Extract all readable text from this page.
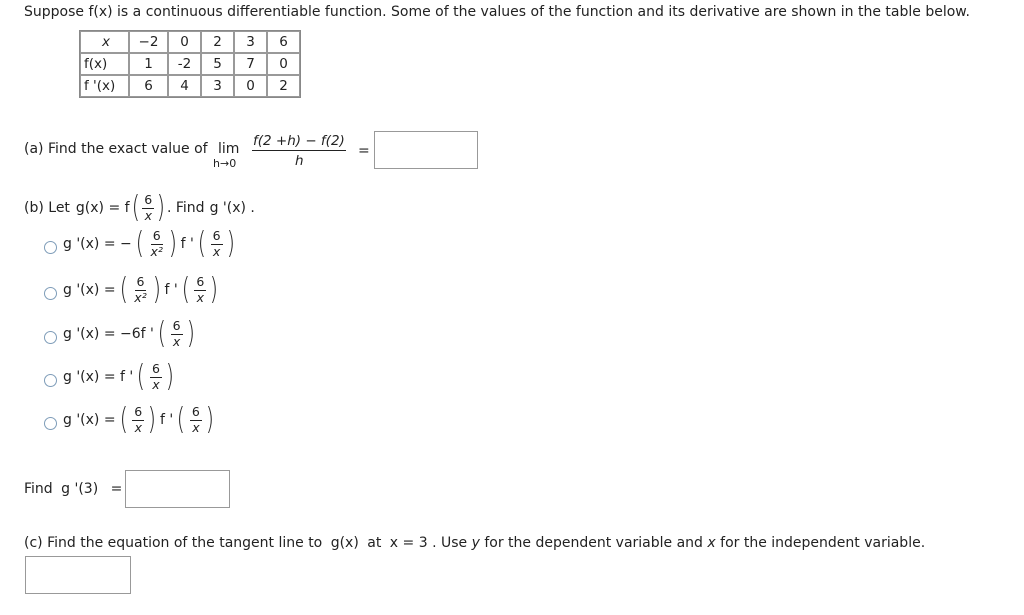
Suppose f(x) is a continuous differentiable function. Some of the values of the function and its derivative are shown in the table below.
x	−2	0	2	3	6
f(x)	1	-2	5	7	0
f '(x)	6	4	3	0	2
(a) Find the exact value of lim
h→0
f(2 +h) − f(2)
h
=
(b) Let g(x) = f ( $\frac{6}{x}$ ) . Find g '(x) .
g '(x) = − ( $\frac{6}{\text{x²}}$ ) f ' ( $\frac{6}{x}$ )
g '(x) = ( $\frac{6}{\text{x²}}$ ) f ' ( $\frac{6}{x}$ )
g '(x) = −6f ' ( $\frac{6}{x}$ )
g '(x) = f ' ( $\frac{6}{x}$ )
g '(x) = ( $\frac{6}{x}$ ) f ' ( $\frac{6}{x}$ )
Find g '(3) =
(c) Find the equation of the tangent line to g(x) at x = 3 . Use y for the dependent variable and x for the independent variable.
